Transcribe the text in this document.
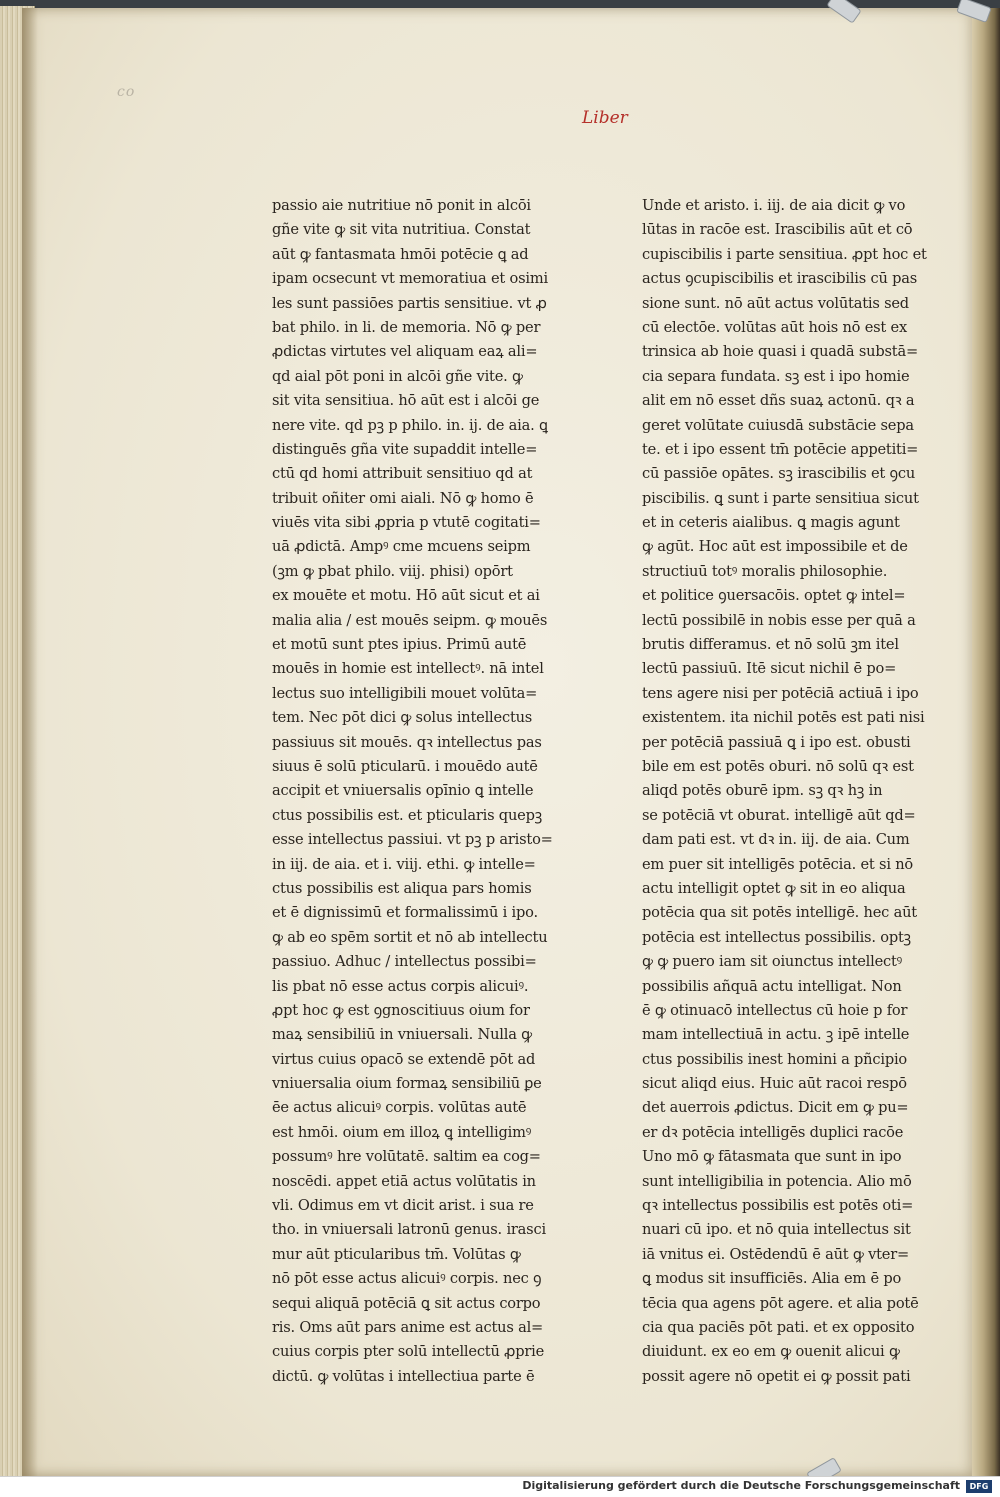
co
Liber
passio aie nutritiue nō ponit in alcōi
gñe vite ꝙ sit vita nutritiua. Constat
aūt ꝙ fantasmata hmōi potēcie ꝗ ad
ipam ocsecunt vt memoratiua et osimi
les sunt passiōes partis sensitiue. vt ꝓ
bat philo. in li. de memoria. Nō ꝙ per
ꝓdictas virtutes vel aliquam eaꝝ ali=
qd aial pōt poni in alcōi gñe vite. ꝙ
sit vita sensitiua. hō aūt est i alcōi ge
nere vite. qd pꝫ p philo. in. ij. de aia. ꝗ
distinguēs gña vite supaddit intelle=
ctū qd homi attribuit sensitiuo qd at
tribuit oñiter omi aiali. Nō ꝙ homo ē
viuēs vita sibi ꝓpria p vtutē cogitati=
uā ꝓdictā. Ampꝰ cme mcuens seipm
(ꝫm ꝙ pbat philo. viij. phisi) opōrt
ex mouēte et motu. Hō aūt sicut et ai
malia alia / est mouēs seipm. ꝙ mouēs
et motū sunt ptes ipius. Primū autē
mouēs in homie est intellectꝰ. nā intel
lectus suo intelligibili mouet volūta=
tem. Nec pōt dici ꝙ solus intellectus
passiuus sit mouēs. qꝛ intellectus pas
siuus ē solū pticularū. i mouēdo autē
accipit et vniuersalis opīnio ꝗ intelle
ctus possibilis est. et pticularis quepꝫ
esse intellectus passiui. vt pꝫ p aristo=
in iij. de aia. et i. viij. ethi. ꝙ intelle=
ctus possibilis est aliqua pars homis
et ē dignissimū et formalissimū i ipo.
ꝙ ab eo spēm sortit et nō ab intellectu
passiuo. Adhuc / intellectus possibi=
lis pbat nō esse actus corpis alicuiꝰ.
ꝓpt hoc ꝙ est ꝯgnoscitiuus oium for
maꝝ sensibiliū in vniuersali. Nulla ꝙ
virtus cuius opacō se extendē pōt ad
vniuersalia oium formaꝝ sensibiliū ꝑe
ēe actus alicuiꝰ corpis. volūtas autē
est hmōi. oium em illoꝝ ꝗ intelligimꝰ
possumꝰ hre volūtatē. saltim ea cog=
noscēdi. appet etiā actus volūtatis in
vli. Odimus em vt dicit arist. i sua re
tho. in vniuersali latronū genus. irasci
mur aūt pticularibus tm̄. Volūtas ꝙ
nō pōt esse actus alicuiꝰ corpis. nec ꝯ
sequi aliquā potēciā ꝗ sit actus corpo
ris. Oms aūt pars anime est actus al=
cuius corpis pter solū intellectū ꝓprie
dictū. ꝙ volūtas i intellectiua parte ē
Unde et aristo. i. iij. de aia dicit ꝙ vo
lūtas in racōe est. Irascibilis aūt et cō
cupiscibilis i parte sensitiua. ꝓpt hoc et
actus ꝯcupiscibilis et irascibilis cū pas
sione sunt. nō aūt actus volūtatis sed
cū electōe. volūtas aūt hois nō est ex
trinsica ab hoie quasi i quadā substā=
cia separa fundata. sꝫ est i ipo homie
alit em nō esset dñs suaꝝ actonū. qꝛ a
geret volūtate cuiusdā substācie sepa
te. et i ipo essent tm̄ potēcie appetiti=
cū passiōe opātes. sꝫ irascibilis et ꝯcu
piscibilis. ꝗ sunt i parte sensitiua sicut
et in ceteris aialibus. ꝗ magis agunt
ꝙ agūt. Hoc aūt est impossibile et de
structiuū totꝰ moralis philosophie.
et politice ꝯuersacōis. optet ꝙ intel=
lectū possibilē in nobis esse per quā a
brutis differamus. et nō solū ꝫm itel
lectū passiuū. Itē sicut nichil ē po=
tens agere nisi per potēciā actiuā i ipo
existentem. ita nichil potēs est pati nisi
per potēciā passiuā ꝗ i ipo est. obusti
bile em est potēs oburi. nō solū qꝛ est
aliqd potēs oburē ipm. sꝫ qꝛ hꝫ in
se potēciā vt oburat. intelligē aūt qd=
dam pati est. vt dꝛ in. iij. de aia. Cum
em puer sit intelligēs potēcia. et si nō
actu intelligit optet ꝙ sit in eo aliqua
potēcia qua sit potēs intelligē. hec aūt
potēcia est intellectus possibilis. optꝫ
ꝙ ꝙ puero iam sit oiunctus intellectꝰ
possibilis añquā actu intelligat. Non
ē ꝙ otinuacō intellectus cū hoie p for
mam intellectiuā in actu. ꝫ ipē intelle
ctus possibilis inest homini a pñcipio
sicut aliqd eius. Huic aūt racoi respō
det auerrois ꝓdictus. Dicit em ꝙ pu=
er dꝛ potēcia intelligēs duplici racōe
Uno mō ꝙ fātasmata que sunt in ipo
sunt intelligibilia in potencia. Alio mō
qꝛ intellectus possibilis est potēs oti=
nuari cū ipo. et nō quia intellectus sit
iā vnitus ei. Ostēdendū ē aūt ꝙ vter=
ꝗ modus sit insufficiēs. Alia em ē po
tēcia qua agens pōt agere. et alia potē
cia qua paciēs pōt pati. et ex opposito
diuidunt. ex eo em ꝙ ouenit alicui ꝙ
possit agere nō opetit ei ꝙ possit pati
Digitalisierung gefördert durch die Deutsche Forschungsgemeinschaft	DFG
